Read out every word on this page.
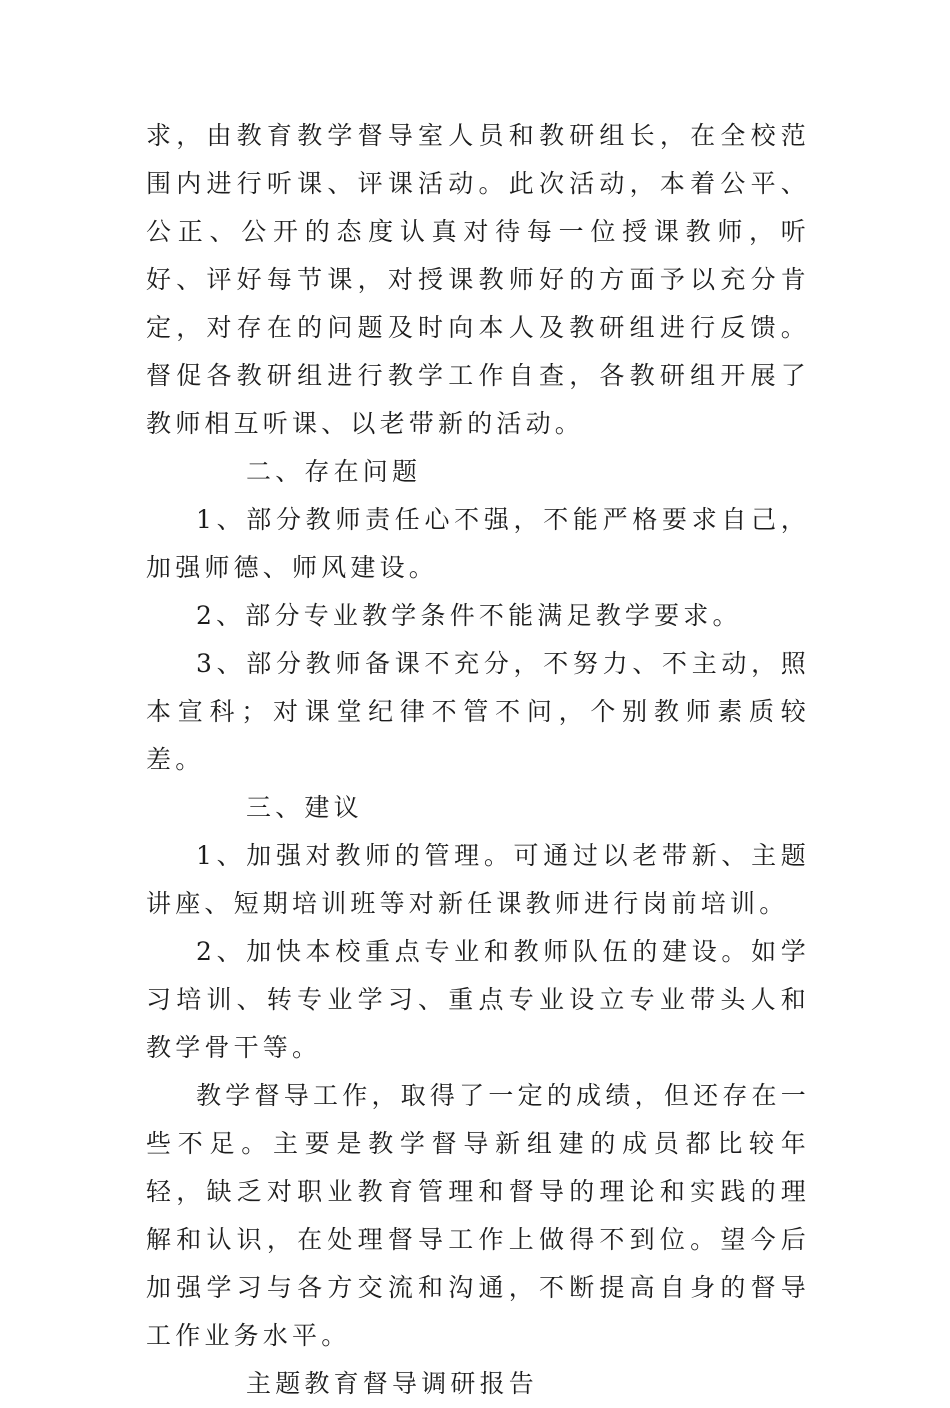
求，由教育教学督导室人员和教研组长，在全校范围内进行听课、评课活动。此次活动，本着公平、公正、公开的态度认真对待每一位授课教师，听好、评好每节课，对授课教师好的方面予以充分肯定，对存在的问题及时向本人及教研组进行反馈。督促各教研组进行教学工作自查，各教研组开展了教师相互听课、以老带新的活动。

二、存在问题

1、部分教师责任心不强，不能严格要求自己，加强师德、师风建设。

2、部分专业教学条件不能满足教学要求。

3、部分教师备课不充分，不努力、不主动，照本宣科；对课堂纪律不管不问，个别教师素质较差。

三、建议

1、加强对教师的管理。可通过以老带新、主题讲座、短期培训班等对新任课教师进行岗前培训。

2、加快本校重点专业和教师队伍的建设。如学习培训、转专业学习、重点专业设立专业带头人和教学骨干等。

教学督导工作，取得了一定的成绩，但还存在一些不足。主要是教学督导新组建的成员都比较年轻，缺乏对职业教育管理和督导的理论和实践的理解和认识，在处理督导工作上做得不到位。望今后加强学习与各方交流和沟通，不断提高自身的督导工作业务水平。

主题教育督导调研报告
